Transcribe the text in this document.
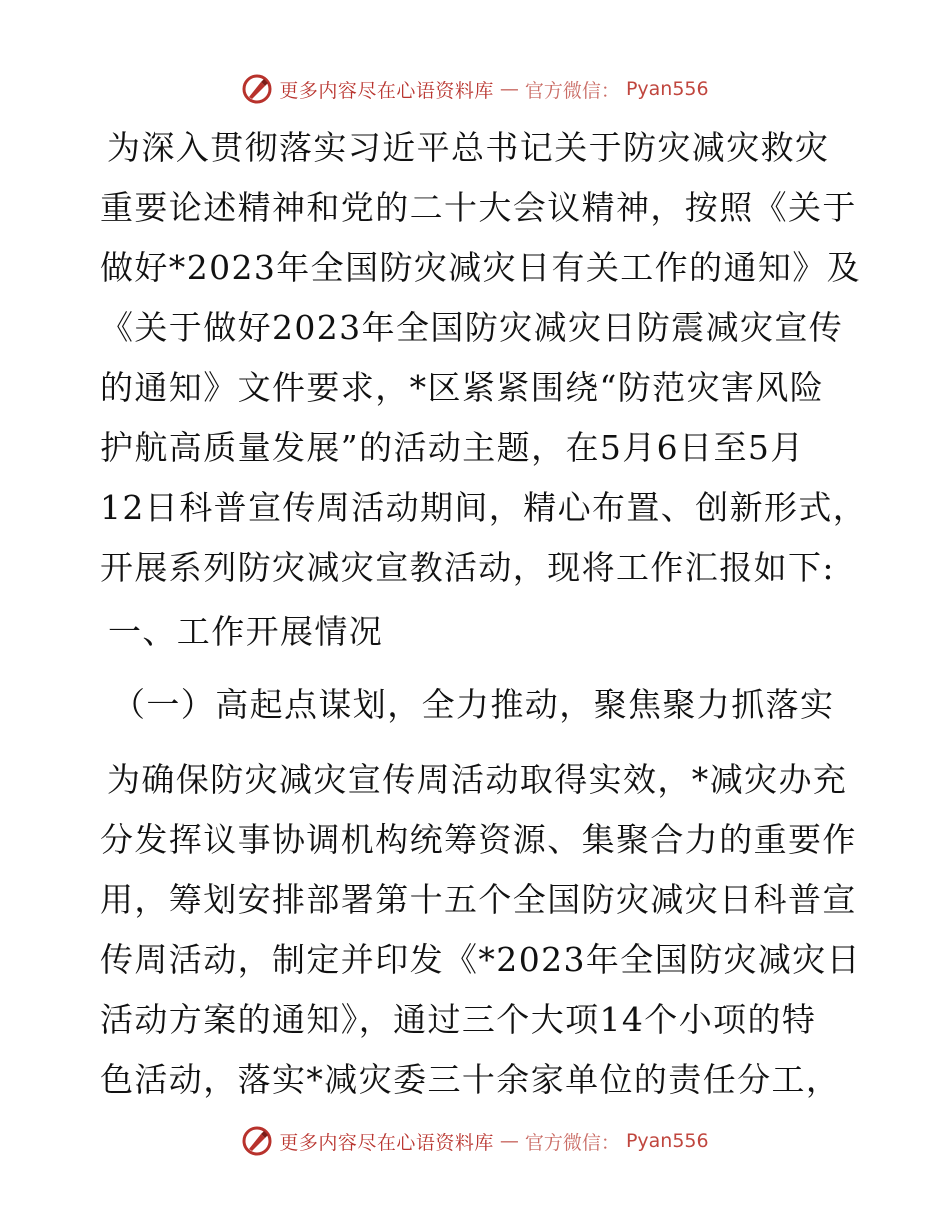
更多内容尽在心语资料库 — 官方微信： Pyan556
为深入贯彻落实习近平总书记关于防灾减灾救灾
重要论述精神和党的二十大会议精神，按照《关于
做好*2023年全国防灾减灾日有关工作的通知》及
《关于做好2023年全国防灾减灾日防震减灾宣传
的通知》文件要求，*区紧紧围绕“防范灾害风险
护航高质量发展”的活动主题，在5月6日至5月
12日科普宣传周活动期间，精心布置、创新形式，
开展系列防灾减灾宣教活动，现将工作汇报如下:
一、工作开展情况
（一）高起点谋划，全力推动，聚焦聚力抓落实
为确保防灾减灾宣传周活动取得实效，*减灾办充
分发挥议事协调机构统筹资源、集聚合力的重要作
用，筹划安排部署第十五个全国防灾减灾日科普宣
传周活动，制定并印发《*2023年全国防灾减灾日
活动方案的通知》，通过三个大项14个小项的特
色活动，落实*减灾委三十余家单位的责任分工，
更多内容尽在心语资料库 — 官方微信： Pyan556
